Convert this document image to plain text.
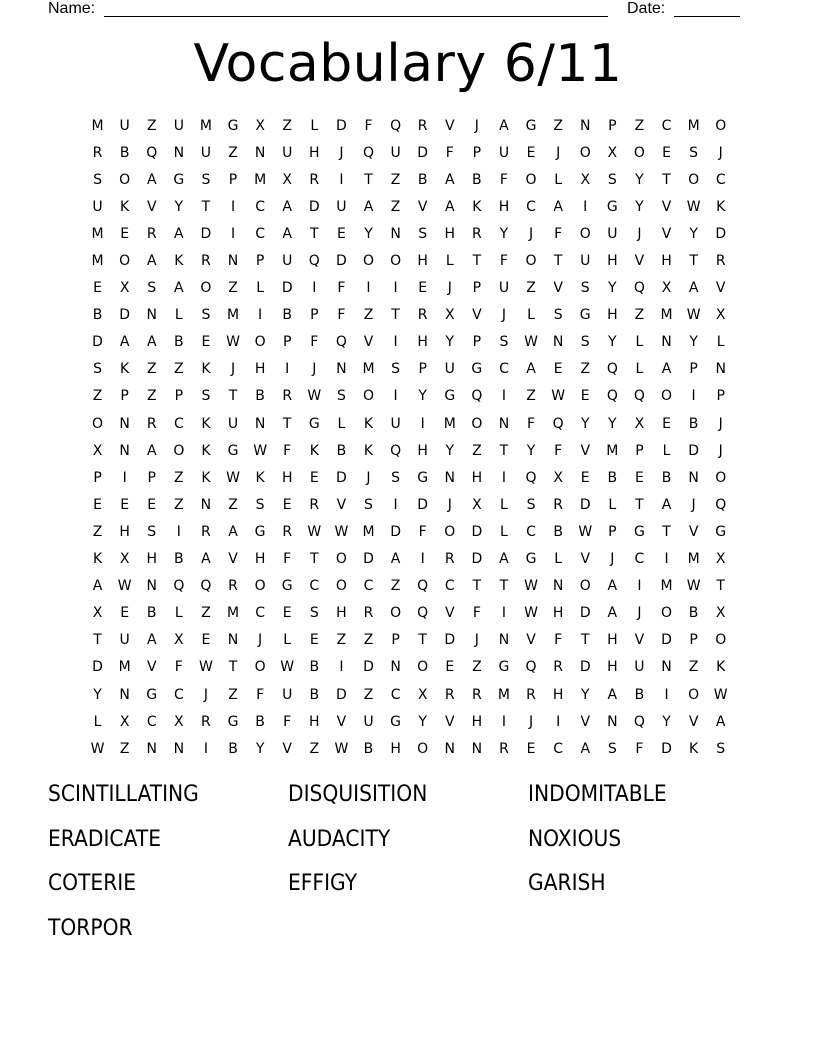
Name:	Date:
Vocabulary 6/11
M	U	Z	U	M	G	X	Z	L	D	F	Q	R	V	J	A	G	Z	N	P	Z	C	M	O
R	B	Q	N	U	Z	N	U	H	J	Q	U	D	F	P	U	E	J	O	X	O	E	S	J
S	O	A	G	S	P	M	X	R	I	T	Z	B	A	B	F	O	L	X	S	Y	T	O	C
U	K	V	Y	T	I	C	A	D	U	A	Z	V	A	K	H	C	A	I	G	Y	V	W	K
M	E	R	A	D	I	C	A	T	E	Y	N	S	H	R	Y	J	F	O	U	J	V	Y	D
M	O	A	K	R	N	P	U	Q	D	O	O	H	L	T	F	O	T	U	H	V	H	T	R
E	X	S	A	O	Z	L	D	I	F	I	I	E	J	P	U	Z	V	S	Y	Q	X	A	V
B	D	N	L	S	M	I	B	P	F	Z	T	R	X	V	J	L	S	G	H	Z	M	W	X
D	A	A	B	E	W	O	P	F	Q	V	I	H	Y	P	S	W	N	S	Y	L	N	Y	L
S	K	Z	Z	K	J	H	I	J	N	M	S	P	U	G	C	A	E	Z	Q	L	A	P	N
Z	P	Z	P	S	T	B	R	W	S	O	I	Y	G	Q	I	Z	W	E	Q	Q	O	I	P
O	N	R	C	K	U	N	T	G	L	K	U	I	M	O	N	F	Q	Y	Y	X	E	B	J
X	N	A	O	K	G	W	F	K	B	K	Q	H	Y	Z	T	Y	F	V	M	P	L	D	J
P	I	P	Z	K	W	K	H	E	D	J	S	G	N	H	I	Q	X	E	B	E	B	N	O
E	E	E	Z	N	Z	S	E	R	V	S	I	D	J	X	L	S	R	D	L	T	A	J	Q
Z	H	S	I	R	A	G	R	W W	M	D	F	O	D	L	C	B	W	P	G	T	V	G
K	X	H	B	A	V	H	F	T	O	D	A	I	R	D	A	G	L	V	J	C	I	M	X
A	W	N	Q	Q	R	O	G	C	O	C	Z	Q	C	T	T	W	N	O	A	I	M	W	T
X	E	B	L	Z	M	C	E	S	H	R	O	Q	V	F	I	W	H	D	A	J	O	B	X
T	U	A	X	E	N	J	L	E	Z	Z	P	T	D	J	N	V	F	T	H	V	D	P	O
D	M	V	F	W	T	O	W	B	I	D	N	O	E	Z	G	Q	R	D	H	U	N	Z	K
Y	N	G	C	J	Z	F	U	B	D	Z	C	X	R	R	M	R	H	Y	A	B	I	O	W
L	X	C	X	R	G	B	F	H	V	U	G	Y	V	H	I	J	I	V	N	Q	Y	V	A
W	Z	N	N	I	B	Y	V	Z	W	B	H	O	N	N	R	E	C	A	S	F	D	K	S
SCINTILLATING	DISQUISITION	INDOMITABLE
ERADICATE	AUDACITY	NOXIOUS
COTERIE	EFFIGY	GARISH
TORPOR
